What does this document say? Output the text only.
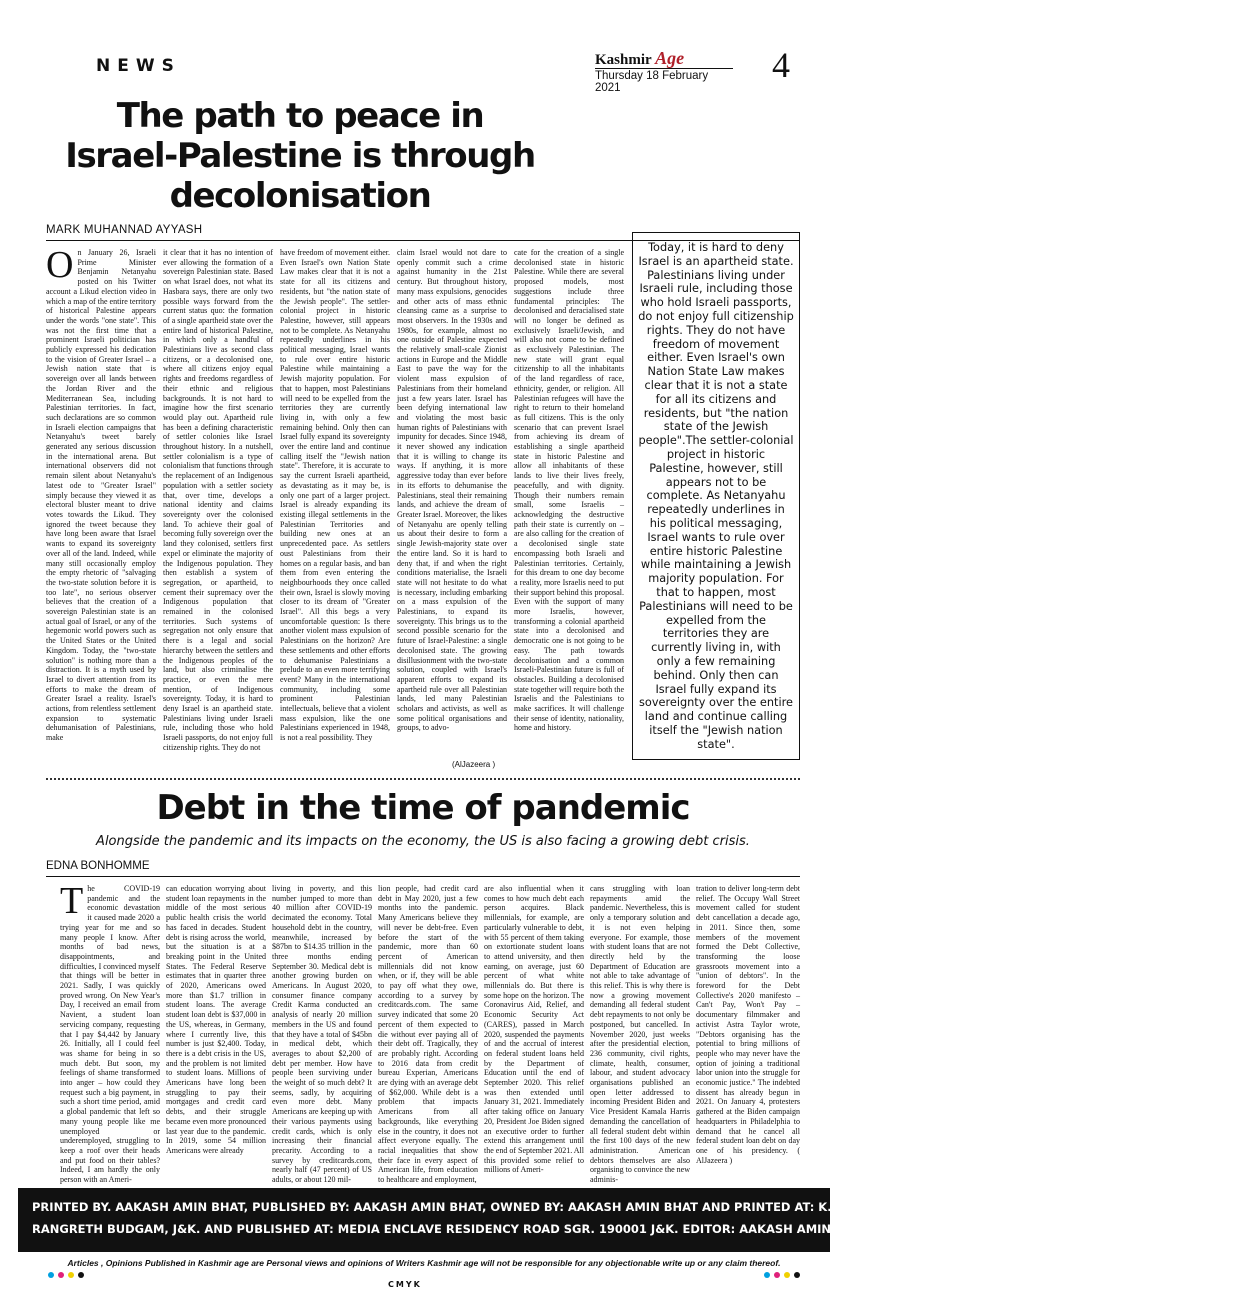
NEWS	Kashmir Age
Thursday 18 February 2021
4
The path to peace in Israel-Palestine is through decolonisation
MARK MUHANNAD AYYASH
On January 26, Israeli Prime Minister Benjamin Netanyahu posted on his Twitter account a Likud election video in which a map of the entire territory of historical Palestine appears under the words "one state". This was not the first time that a prominent Israeli politician has publicly expressed his dedication to the vision of Greater Israel – a Jewish nation state that is sovereign over all lands between the Jordan River and the Mediterranean Sea, including Palestinian territories. In fact, such declarations are so common in Israeli election campaigns that Netanyahu's tweet barely generated any serious discussion in the international arena. But international observers did not remain silent about Netanyahu's latest ode to "Greater Israel" simply because they viewed it as electoral bluster meant to drive votes towards the Likud. They ignored the tweet because they have long been aware that Israel wants to expand its sovereignty over all of the land. Indeed, while many still occasionally employ the empty rhetoric of "salvaging the two-state solution before it is too late", no serious observer believes that the creation of a sovereign Palestinian state is an actual goal of Israel, or any of the hegemonic world powers such as the United States or the United Kingdom. Today, the "two-state solution" is nothing more than a distraction. It is a myth used by Israel to divert attention from its efforts to make the dream of Greater Israel a reality. Israel's actions, from relentless settlement expansion to systematic dehumanisation of Palestinians, make
it clear that it has no intention of ever allowing the formation of a sovereign Palestinian state. Based on what Israel does, not what its Hasbara says, there are only two possible ways forward from the current status quo: the formation of a single apartheid state over the entire land of historical Palestine, in which only a handful of Palestinians live as second class citizens, or a decolonised one, where all citizens enjoy equal rights and freedoms regardless of their ethnic and religious backgrounds. It is not hard to imagine how the first scenario would play out. Apartheid rule has been a defining characteristic of settler colonies like Israel throughout history. In a nutshell, settler colonialism is a type of colonialism that functions through the replacement of an Indigenous population with a settler society that, over time, develops a national identity and claims sovereignty over the colonised land. To achieve their goal of becoming fully sovereign over the land they colonised, settlers first expel or eliminate the majority of the Indigenous population. They then establish a system of segregation, or apartheid, to cement their supremacy over the Indigenous population that remained in the colonised territories. Such systems of segregation not only ensure that there is a legal and social hierarchy between the settlers and the Indigenous peoples of the land, but also criminalise the practice, or even the mere mention, of Indigenous sovereignty. Today, it is hard to deny Israel is an apartheid state. Palestinians living under Israeli rule, including those who hold Israeli passports, do not enjoy full citizenship rights. They do not
have freedom of movement either. Even Israel's own Nation State Law makes clear that it is not a state for all its citizens and residents, but "the nation state of the Jewish people". The settler-colonial project in historic Palestine, however, still appears not to be complete. As Netanyahu repeatedly underlines in his political messaging, Israel wants to rule over entire historic Palestine while maintaining a Jewish majority population. For that to happen, most Palestinians will need to be expelled from the territories they are currently living in, with only a few remaining behind. Only then can Israel fully expand its sovereignty over the entire land and continue calling itself the "Jewish nation state". Therefore, it is accurate to say the current Israeli apartheid, as devastating as it may be, is only one part of a larger project. Israel is already expanding its existing illegal settlements in the Palestinian Territories and building new ones at an unprecedented pace. As settlers oust Palestinians from their homes on a regular basis, and ban them from even entering the neighbourhoods they once called their own, Israel is slowly moving closer to its dream of "Greater Israel". All this begs a very uncomfortable question: Is there another violent mass expulsion of Palestinians on the horizon? Are these settlements and other efforts to dehumanise Palestinians a prelude to an even more terrifying event? Many in the international community, including some prominent Palestinian intellectuals, believe that a violent mass expulsion, like the one Palestinians experienced in 1948, is not a real possibility. They
claim Israel would not dare to openly commit such a crime against humanity in the 21st century. But throughout history, many mass expulsions, genocides and other acts of mass ethnic cleansing came as a surprise to most observers. In the 1930s and 1980s, for example, almost no one outside of Palestine expected the relatively small-scale Zionist actions in Europe and the Middle East to pave the way for the violent mass expulsion of Palestinians from their homeland just a few years later. Israel has been defying international law and violating the most basic human rights of Palestinians with impunity for decades. Since 1948, it never showed any indication that it is willing to change its ways. If anything, it is more aggressive today than ever before in its efforts to dehumanise the Palestinians, steal their remaining lands, and achieve the dream of Greater Israel. Moreover, the likes of Netanyahu are openly telling us about their desire to form a single Jewish-majority state over the entire land. So it is hard to deny that, if and when the right conditions materialise, the Israeli state will not hesitate to do what is necessary, including embarking on a mass expulsion of the Palestinians, to expand its sovereignty. This brings us to the second possible scenario for the future of Israel-Palestine: a single decolonised state. The growing disillusionment with the two-state solution, coupled with Israel's apparent efforts to expand its apartheid rule over all Palestinian lands, led many Palestinian scholars and activists, as well as some political organisations and groups, to advo-
cate for the creation of a single decolonised state in historic Palestine. While there are several proposed models, most suggestions include three fundamental principles: The decolonised and deracialised state will no longer be defined as exclusively Israeli/Jewish, and will also not come to be defined as exclusively Palestinian. The new state will grant equal citizenship to all the inhabitants of the land regardless of race, ethnicity, gender, or religion. All Palestinian refugees will have the right to return to their homeland as full citizens. This is the only scenario that can prevent Israel from achieving its dream of establishing a single apartheid state in historic Palestine and allow all inhabitants of these lands to live their lives freely, peacefully, and with dignity. Though their numbers remain small, some Israelis – acknowledging the destructive path their state is currently on – are also calling for the creation of a decolonised single state encompassing both Israeli and Palestinian territories. Certainly, for this dream to one day become a reality, more Israelis need to put their support behind this proposal. Even with the support of many more Israelis, however, transforming a colonial apartheid state into a decolonised and democratic one is not going to be easy. The path towards decolonisation and a common Israeli-Palestinian future is full of obstacles. Building a decolonised state together will require both the Israelis and the Palestinians to make sacrifices. It will challenge their sense of identity, nationality, home and history.
Today, it is hard to deny Israel is an apartheid state. Palestinians living under Israeli rule, including those who hold Israeli passports, do not enjoy full citizenship rights. They do not have freedom of movement either. Even Israel's own Nation State Law makes clear that it is not a state for all its citizens and residents, but "the nation state of the Jewish people".The settler-colonial project in historic Palestine, however, still appears not to be complete. As Netanyahu repeatedly underlines in his political messaging, Israel wants to rule over entire historic Palestine while maintaining a Jewish majority population. For that to happen, most Palestinians will need to be expelled from the territories they are currently living in, with only a few remaining behind. Only then can Israel fully expand its sovereignty over the entire land and continue calling itself the "Jewish nation state".
(AlJazeera )
Debt in the time of pandemic
Alongside the pandemic and its impacts on the economy, the US is also facing a growing debt crisis.
EDNA BONHOMME
The COVID-19 pandemic and the economic devastation it caused made 2020 a trying year for me and so many people I know. After months of bad news, disappointments, and difficulties, I convinced myself that things will be better in 2021. Sadly, I was quickly proved wrong. On New Year's Day, I received an email from Navient, a student loan servicing company, requesting that I pay $4,442 by January 26. Initially, all I could feel was shame for being in so much debt. But soon, my feelings of shame transformed into anger – how could they request such a big payment, in such a short time period, amid a global pandemic that left so many young people like me unemployed or underemployed, struggling to keep a roof over their heads and put food on their tables? Indeed, I am hardly the only person with an Ameri-
can education worrying about student loan repayments in the middle of the most serious public health crisis the world has faced in decades. Student debt is rising across the world, but the situation is at a breaking point in the United States. The Federal Reserve estimates that in quarter three of 2020, Americans owed more than $1.7 trillion in student loans. The average student loan debt is $37,000 in the US, whereas, in Germany, where I currently live, this number is just $2,400. Today, there is a debt crisis in the US, and the problem is not limited to student loans. Millions of Americans have long been struggling to pay their mortgages and credit card debts, and their struggle became even more pronounced last year due to the pandemic. In 2019, some 54 million Americans were already
living in poverty, and this number jumped to more than 40 million after COVID-19 decimated the economy. Total household debt in the country, meanwhile, increased by $87bn to $14.35 trillion in the three months ending September 30. Medical debt is another growing burden on Americans. In August 2020, consumer finance company Credit Karma conducted an analysis of nearly 20 million members in the US and found that they have a total of $45bn in medical debt, which averages to about $2,200 of debt per member. How have people been surviving under the weight of so much debt? It seems, sadly, by acquiring even more debt. Many Americans are keeping up with their various payments using credit cards, which is only increasing their financial precarity. According to a survey by creditcards.com, nearly half (47 percent) of US adults, or about 120 mil-
lion people, had credit card debt in May 2020, just a few months into the pandemic. Many Americans believe they will never be debt-free. Even before the start of the pandemic, more than 60 percent of American millennials did not know when, or if, they will be able to pay off what they owe, according to a survey by creditcards.com. The same survey indicated that some 20 percent of them expected to die without ever paying all of their debt off. Tragically, they are probably right. According to 2016 data from credit bureau Experian, Americans are dying with an average debt of $62,000. While debt is a problem that impacts Americans from all backgrounds, like everything else in the country, it does not affect everyone equally. The racial inequalities that show their face in every aspect of American life, from education to healthcare and employment,
are also influential when it comes to how much debt each person acquires. Black millennials, for example, are particularly vulnerable to debt, with 55 percent of them taking on extortionate student loans to attend university, and then earning, on average, just 60 percent of what white millennials do. But there is some hope on the horizon. The Coronavirus Aid, Relief, and Economic Security Act (CARES), passed in March 2020, suspended the payments of and the accrual of interest on federal student loans held by the Department of Education until the end of September 2020. This relief was then extended until January 31, 2021. Immediately after taking office on January 20, President Joe Biden signed an executive order to further extend this arrangement until the end of September 2021. All this provided some relief to millions of Ameri-
cans struggling with loan repayments amid the pandemic. Nevertheless, this is only a temporary solution and it is not even helping everyone. For example, those with student loans that are not directly held by the Department of Education are not able to take advantage of this relief. This is why there is now a growing movement demanding all federal student debt repayments to not only be postponed, but cancelled. In November 2020, just weeks after the presidential election, 236 community, civil rights, climate, health, consumer, labour, and student advocacy organisations published an open letter addressed to incoming President Biden and Vice President Kamala Harris demanding the cancellation of all federal student debt within the first 100 days of the new administration. American debtors themselves are also organising to convince the new adminis-
tration to deliver long-term debt relief. The Occupy Wall Street movement called for student debt cancellation a decade ago, in 2011. Since then, some members of the movement formed the Debt Collective, transforming the loose grassroots movement into a "union of debtors". In the foreword for the Debt Collective's 2020 manifesto – Can't Pay, Won't Pay – documentary filmmaker and activist Astra Taylor wrote, "Debtors organising has the potential to bring millions of people who may never have the option of joining a traditional labor union into the struggle for economic justice." The indebted dissent has already begun in 2021. On January 4, protesters gathered at the Biden campaign headquarters in Philadelphia to demand that he cancel all federal student loan debt on day one of his presidency. ( AlJazeera )
PRINTED BY. AAKASH AMIN BHAT, PUBLISHED BY: AAKASH AMIN BHAT, OWNED BY: AAKASH AMIN BHAT AND PRINTED AT: K.T PRESS PVT. LTD.120- ELECTRONIC COMPLEX INDUSTRIAL ESTATE
RANGRETH BUDGAM, J&K. AND PUBLISHED AT: MEDIA ENCLAVE RESIDENCY ROAD SGR. 190001 J&K. EDITOR: AAKASH AMIN BHAT, JKENG/2006/23952
Articles , Opinions Published in Kashmir age are Personal views and opinions of Writers Kashmir age will not be responsible for any objectionable write up or any claim thereof.
CMYK
